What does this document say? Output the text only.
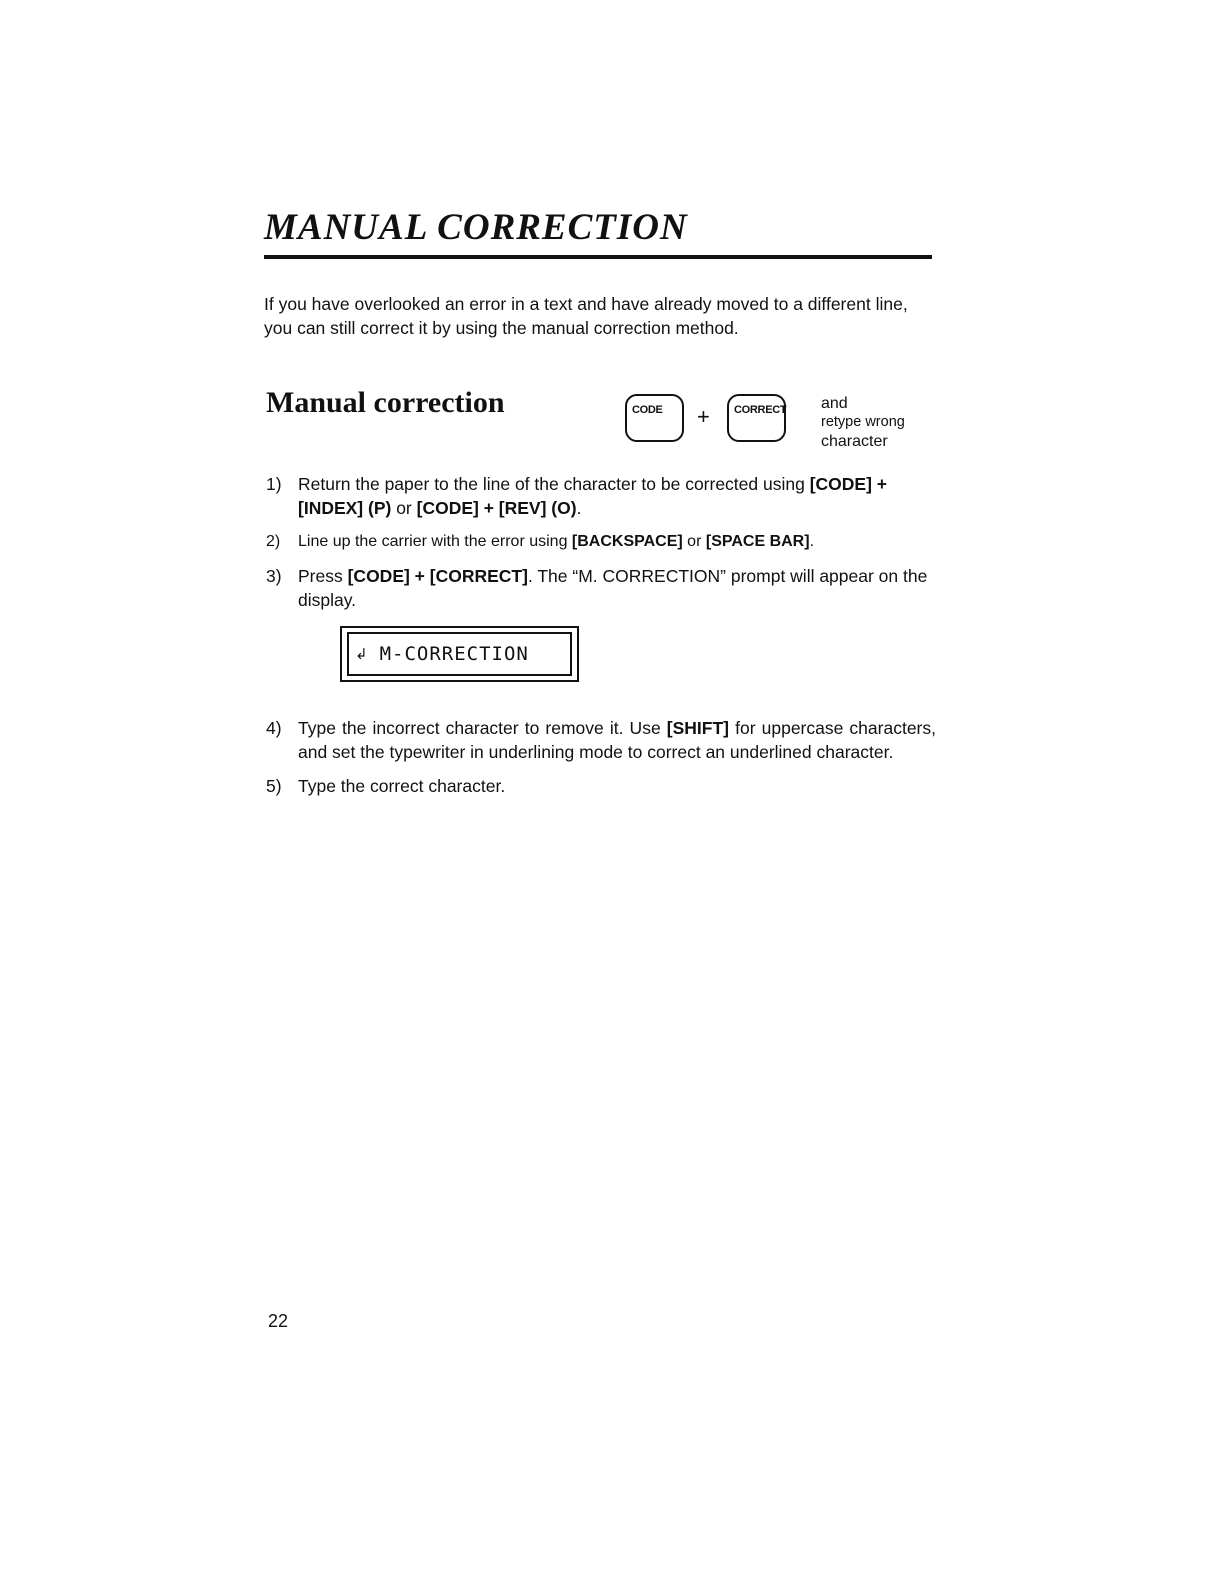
MANUAL CORRECTION

If you have overlooked an error in a text and have already moved to a different line, you can still correct it by using the manual correction method.

Manual correction	CODE + CORRECT and
retype wrong
character
1) Return the paper to the line of the character to be corrected using [CODE] + [INDEX] (P) or [CODE] + [REV] (O).
2) Line up the carrier with the error using [BACKSPACE] or [SPACE BAR].
3) Press [CODE] + [CORRECT]. The “M. CORRECTION” prompt will appear on the display.
↲ M-CORRECTION
4) Type the incorrect character to remove it. Use [SHIFT] for uppercase characters, and set the typewriter in underlining mode to correct an underlined character.
5) Type the correct character.
22
